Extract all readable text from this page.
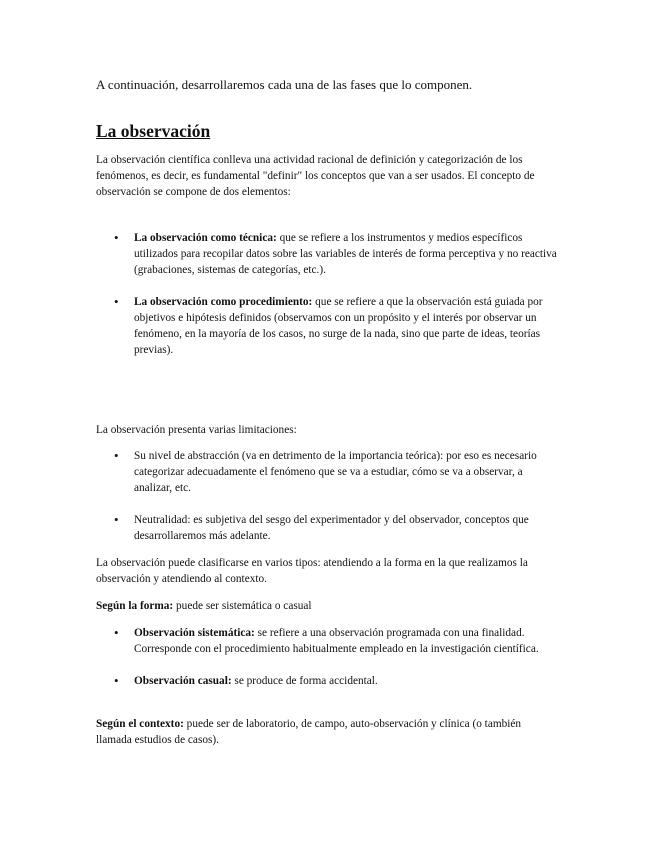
A continuación, desarrollaremos cada una de las fases que lo componen.

La observación

La observación científica conlleva una actividad racional de definición y categorización de los fenómenos, es decir, es fundamental "definir" los conceptos que van a ser usados. El concepto de observación se compone de dos elementos:

• La observación como técnica: que se refiere a los instrumentos y medios específicos utilizados para recopilar datos sobre las variables de interés de forma perceptiva y no reactiva (grabaciones, sistemas de categorías, etc.).
• La observación como procedimiento: que se refiere a que la observación está guiada por objetivos e hipótesis definidos (observamos con un propósito y el interés por observar un fenómeno, en la mayoría de los casos, no surge de la nada, sino que parte de ideas, teorías previas).

La observación presenta varias limitaciones:

• Su nivel de abstracción (va en detrimento de la importancia teórica): por eso es necesario categorizar adecuadamente el fenómeno que se va a estudiar, cómo se va a observar, a analizar, etc.
• Neutralidad: es subjetiva del sesgo del experimentador y del observador, conceptos que desarrollaremos más adelante.

La observación puede clasificarse en varios tipos: atendiendo a la forma en la que realizamos la observación y atendiendo al contexto.

Según la forma: puede ser sistemática o casual

• Observación sistemática: se refiere a una observación programada con una finalidad. Corresponde con el procedimiento habitualmente empleado en la investigación científica.
• Observación casual: se produce de forma accidental.

Según el contexto: puede ser de laboratorio, de campo, auto-observación y clínica (o también llamada estudios de casos).
